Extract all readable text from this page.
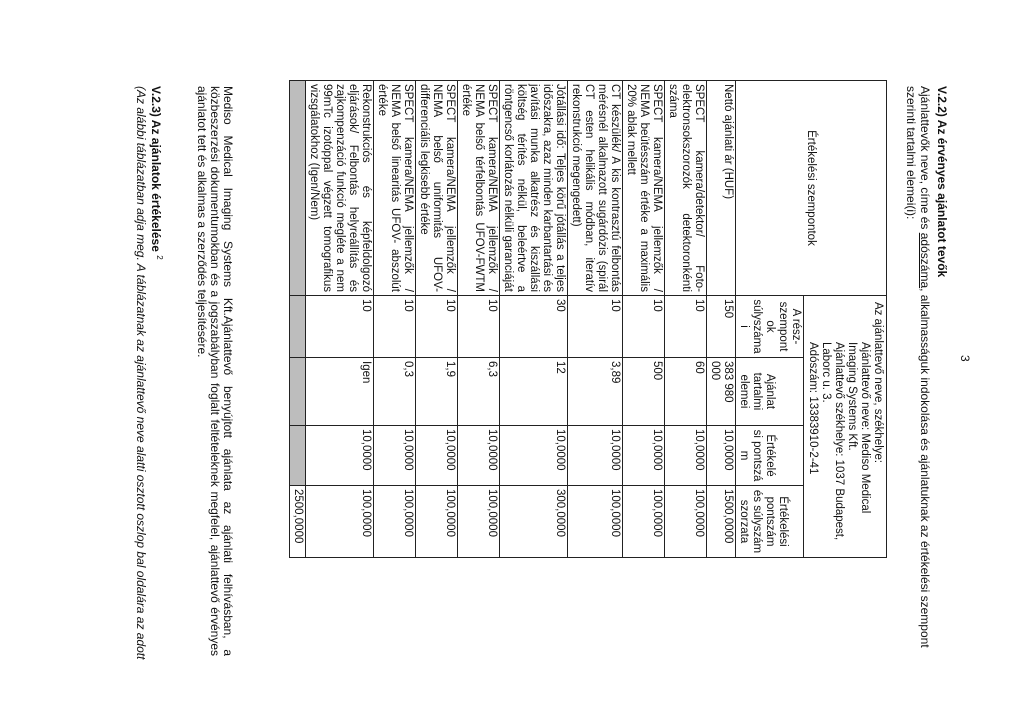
3
V.2.2) Az érvényes ajánlatot tevők
Ajánlattevők neve, címe és adószáma, alkalmasságuk indokolása és ajánlatuknak az értékelési szempont szerinti tartalmi elemei(i):
Értékelési szempontok	Az ajánlattevő neve, székhelye:
Ajánlattevő neve: Mediso Medical Imaging Systems Kft.
Ajánlattevő székhelye: 1037 Budapest, Laborc u. 3.
Adószám: 13383910-2-41			

	A rész-szempont ok súlyszáma i	Ajánlat tartalmi elemei	Értékelé si pontszá m	Értékelési pontszám és súlyszám szorzata
Nettó ajánlati ár (HUF)	150	383 980 000	10,0000	1500,0000
SPECT kamera/detektor/ Foto-elektronsokszorozók detektoronkénti száma	10	60	10,0000	100,0000
SPECT kamera/NEMA jellemzők / NEMA beütésszám értéke a maximális 20% ablak mellett	10	500	10,0000	100,0000
CT készülék/ A kis kontrasztú felbontás mérésnél alkalmazott sugárdózis (spirál CT esten helikális módban, iteratív rekonstrukció megengedett)	10	3,89	10,0000	100,0000
Jótállási idő: Teljes körű jótállás a teljes időszakra, azaz minden karbantartási és javítási munka alkatrész és kiszállási költség térítés nélkül, beleértve a röntgencső korlátozás nélküli garanciáját	30	12	10,0000	300,0000
SPECT kamera/NEMA jellemzők / NEMA belső térfelbontás UFOV-FWTM értéke	10	6,3	10,0000	100,0000
SPECT kamera/NEMA jellemzők / NEMA belső uniformitás UFOV- differenciális legkisebb értéke	10	1,9	10,0000	100,0000
SPECT kamera/NEMA jellemzők / NEMA belső linearitás UFOV- abszolút értéke	10	0,3	10,0000	100,0000
Rekonstrukciós és képfeldolgozó eljárások/ Felbontás helyreállítás és zajkompenzáció funkció megléte a nem 99mTc izotóppal végzett tomografikus vizsgálatokhoz (Igen/Nem)	10	Igen	10,0000	100,0000
				2500,0000
Mediso Medical Imaging Systems Kft.Ajánlattevő benyújtott ajánlata az ajánlati felhívásban, a közbeszerzési dokumentumokban és a jogszabályban foglalt feltételeknek megfelel, ajánlattevő érvényes ajánlatot tett és alkalmas a szerződés teljesítésére.
V.2.3) Az ajánlatok értékelése $^2$
(Az alábbi táblázatban adja meg. A táblázatnak az ajánlattevő neve alatti osztott oszlop bal oldalára az adott
